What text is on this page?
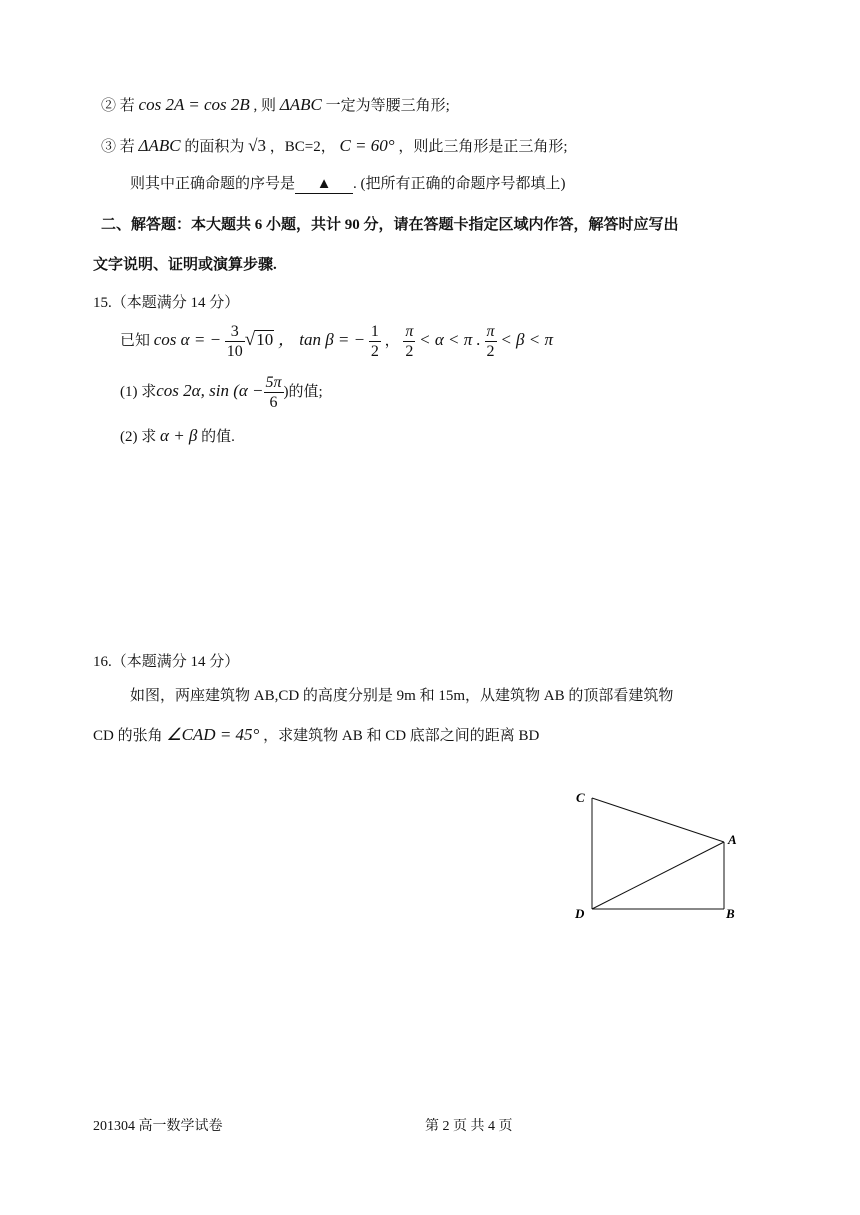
② 若 cos 2A = cos 2B , 则 ΔABC 一定为等腰三角形;
③ 若 ΔABC 的面积为 √3 ，BC=2， C = 60° ，则此三角形是正三角形;
则其中正确命题的序号是 ▲ . (把所有正确的命题序号都填上)
二、解答题：本大题共 6 小题，共计 90 分，请在答题卡指定区域内作答，解答时应写出
文字说明、证明或演算步骤.
15.（本题满分 14 分）
已知 cos α = − $\frac{3}{10} √10$ ， tan β = − $\frac{1}{2}$ ， $\frac{\pi}{2} < \alpha < \pi$ . $\frac{\pi}{2} < \beta < \pi$
(1) 求cos 2α, $\sin (\alpha - \frac{5\pi}{6}$ )的值;
(2) 求 α + β 的值.
16.（本题满分 14 分）
如图，两座建筑物 AB,CD 的高度分别是 9m 和 15m，从建筑物 AB 的顶部看建筑物
CD 的张角 ∠CAD = 45° ，求建筑物 AB 和 CD 底部之间的距离 BD
C
A
D	B
201304 高一数学试卷	第 2 页 共 4 页
